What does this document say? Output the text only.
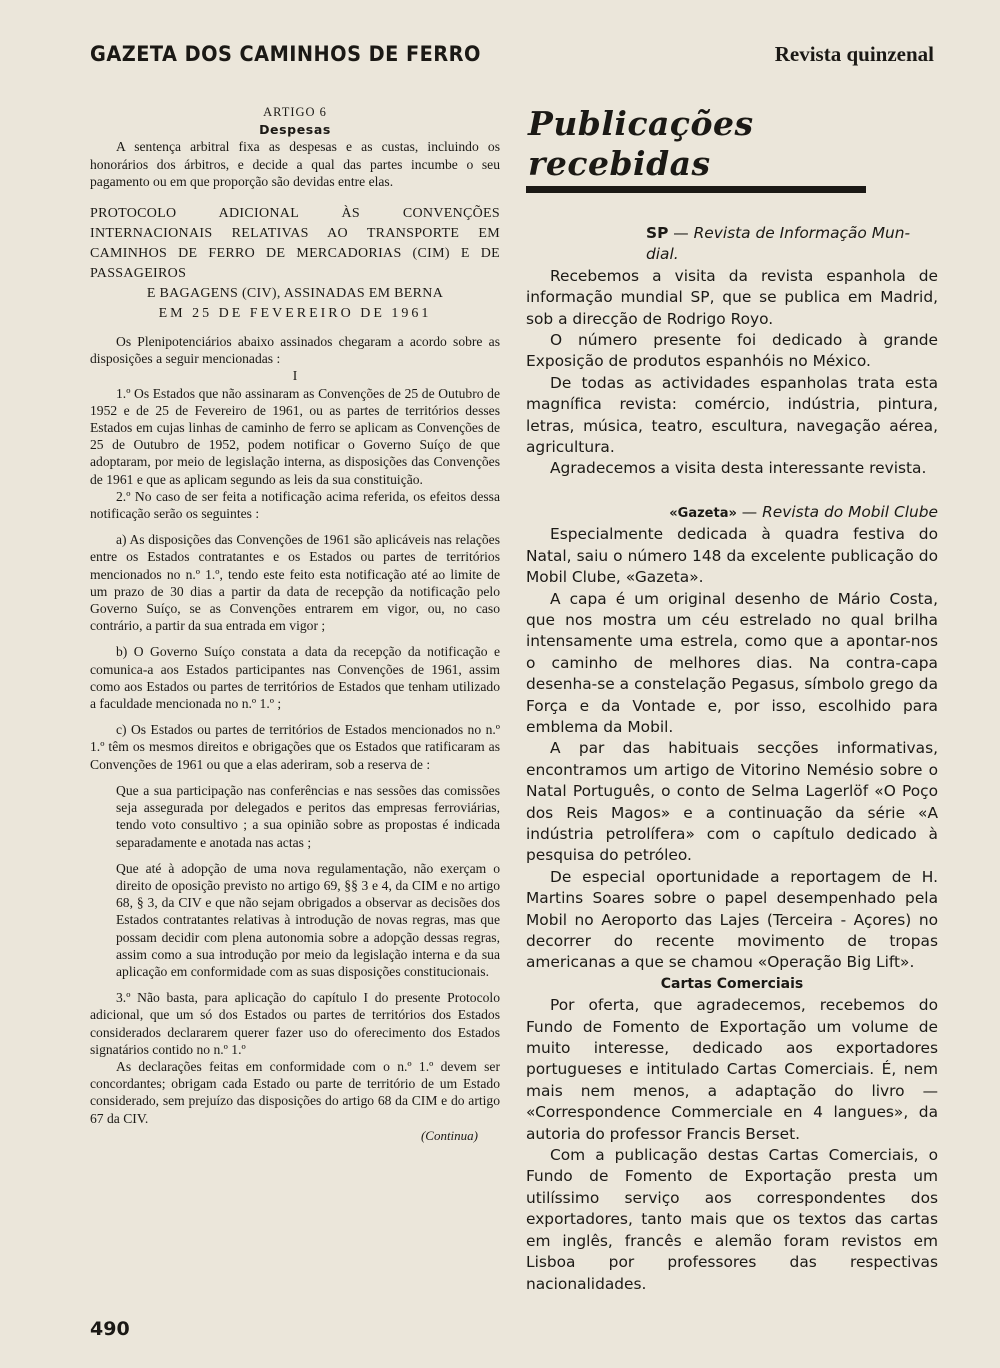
GAZETA DOS CAMINHOS DE FERRO	Revista quinzenal

ARTIGO 6

Despesas

A sentença arbitral fixa as despesas e as custas, incluindo os honorários dos árbitros, e decide a qual das partes incumbe o seu pagamento ou em que proporção são devidas entre elas.

PROTOCOLO ADICIONAL ÀS CONVENÇÕES INTERNACIONAIS RELATIVAS AO TRANSPORTE EM CAMINHOS DE FERRO DE MERCADORIAS (CIM) E DE PASSAGEIROS
E BAGAGENS (CIV), ASSINADAS EM BERNA
EM 25 DE FEVEREIRO DE 1961

Os Plenipotenciários abaixo assinados chegaram a acordo sobre as disposições a seguir mencionadas :

I

1.º Os Estados que não assinaram as Convenções de 25 de Outubro de 1952 e de 25 de Fevereiro de 1961, ou as partes de territórios desses Estados em cujas linhas de caminho de ferro se aplicam as Convenções de 25 de Outubro de 1952, podem notificar o Governo Suíço de que adoptaram, por meio de legislação interna, as disposições das Convenções de 1961 e que as aplicam segundo as leis da sua constituição.

2.º No caso de ser feita a notificação acima referida, os efeitos dessa notificação serão os seguintes :

a) As disposições das Convenções de 1961 são aplicáveis nas relações entre os Estados contratantes e os Estados ou partes de territórios mencionados no n.º 1.º, tendo este feito esta notificação até ao limite de um prazo de 30 dias a partir da data de recepção da notificação pelo Governo Suíço, se as Convenções entrarem em vigor, ou, no caso contrário, a partir da sua entrada em vigor ;

b) O Governo Suíço constata a data da recepção da notificação e comunica-a aos Estados participantes nas Convenções de 1961, assim como aos Estados ou partes de territórios de Estados que tenham utilizado a faculdade mencionada no n.º 1.º ;

c) Os Estados ou partes de territórios de Estados mencionados no n.º 1.º têm os mesmos direitos e obrigações que os Estados que ratificaram as Convenções de 1961 ou que a elas aderiram, sob a reserva de :

Que a sua participação nas conferências e nas sessões das comissões seja assegurada por delegados e peritos das empresas ferroviárias, tendo voto consultivo ; a sua opinião sobre as propostas é indicada separadamente e anotada nas actas ;

Que até à adopção de uma nova regulamentação, não exerçam o direito de oposição previsto no artigo 69, §§ 3 e 4, da CIM e no artigo 68, § 3, da CIV e que não sejam obrigados a observar as decisões dos Estados contratantes relativas à introdução de novas regras, mas que possam decidir com plena autonomia sobre a adopção dessas regras, assim como a sua introdução por meio da legislação interna e da sua aplicação em conformidade com as suas disposições constitucionais.

3.º Não basta, para aplicação do capítulo I do presente Protocolo adicional, que um só dos Estados ou partes de territórios dos Estados considerados declararem querer fazer uso do oferecimento dos Estados signatários contido no n.º 1.º

As declarações feitas em conformidade com o n.º 1.º devem ser concordantes; obrigam cada Estado ou parte de território de um Estado considerado, sem prejuízo das disposições do artigo 68 da CIM e do artigo 67 da CIV.

(Continua)

Publicações recebidas

SP — Revista de Informação Mun-

dial.

Recebemos a visita da revista espanhola de informação mundial SP, que se publica em Madrid, sob a direcção de Rodrigo Royo.

O número presente foi dedicado à grande Exposição de produtos espanhóis no México.

De todas as actividades espanholas trata esta magnífica revista: comércio, indústria, pintura, letras, música, teatro, escultura, navegação aérea, agricultura.

Agradecemos a visita desta interessante revista.

«Gazeta» — Revista do Mobil Clube

Especialmente dedicada à quadra festiva do Natal, saiu o número 148 da excelente publicação do Mobil Clube, «Gazeta».

A capa é um original desenho de Mário Costa, que nos mostra um céu estrelado no qual brilha intensamente uma estrela, como que a apontar-nos o caminho de melhores dias. Na contra-capa desenha-se a constelação Pegasus, símbolo grego da Força e da Vontade e, por isso, escolhido para emblema da Mobil.

A par das habituais secções informativas, encontramos um artigo de Vitorino Nemésio sobre o Natal Português, o conto de Selma Lagerlöf «O Poço dos Reis Magos» e a continuação da série «A indústria petrolífera» com o capítulo dedicado à pesquisa do petróleo.

De especial oportunidade a reportagem de H. Martins Soares sobre o papel desempenhado pela Mobil no Aeroporto das Lajes (Terceira - Açores) no decorrer do recente movimento de tropas americanas a que se chamou «Operação Big Lift».

Cartas Comerciais

Por oferta, que agradecemos, recebemos do Fundo de Fomento de Exportação um volume de muito interesse, dedicado aos exportadores portugueses e intitulado Cartas Comerciais. É, nem mais nem menos, a adaptação do livro — «Correspondence Commerciale en 4 langues», da autoria do professor Francis Berset.

Com a publicação destas Cartas Comerciais, o Fundo de Fomento de Exportação presta um utilíssimo serviço aos correspondentes dos exportadores, tanto mais que os textos das cartas em inglês, francês e alemão foram revistos em Lisboa por professores das respectivas nacionalidades.

490
